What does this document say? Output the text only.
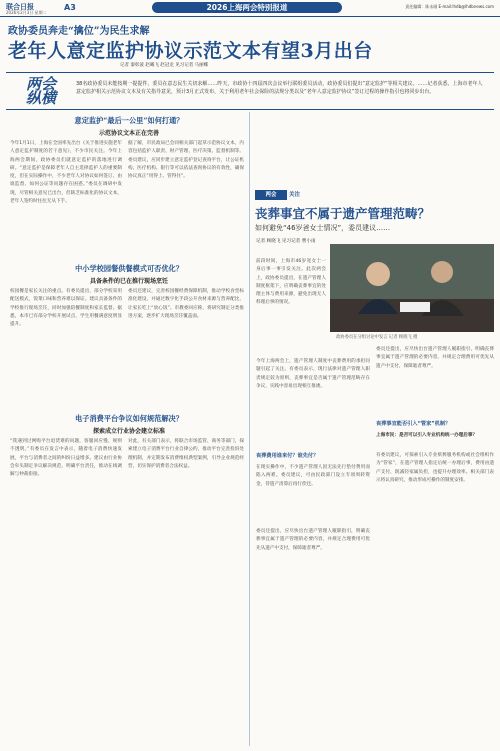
联合日报
2026年2月3日 星期二
A3	2026上海两会特别报道	责任编辑：陈永刚 E-mail:lhdb@lhdbnews.com
政协委员奔走“擒位”为民生求解
老年人意定监护协议示范文本有望3月出台
记者 秦彰波 赵曦飞 赵冠龙 见习记者 马丽娜
两会纵横
38名政协委员未能按期一提提件，委员在意志民生关切求解……昨天，市政协十四届四次会议举行联组委员活动，政协委员们提出“意定监护”等相关建议。……记者获悉，上海市老年人意定监护相关示范协议文本及有关指导意见，预计3月正式发布，关于利用老年社会保险的法规分类以及“老年人意定监护协议”签订过程的操作指引也将同步出台。
意定监护“最后一公里”如何打通？
示范协议文本正在完善
今年1月1日，上海在全国率先出台《关于推进实施老年人意定监护制度的若干意见》，不少市民关注。今年上海两会期间，政协委员们就意定监护的落地进行调研。“意定监护是保障老年人自主选择监护人的重要制度，但在实际操作中，不少老年人对协议如何签订、由谁监督、如何公证等问题存在困惑。”委员在调研中发现，尽管相关意见已出台，但缺乏标准化的协议文本，老年人签约时往往无从下手。
据了解，市民政局已会同相关部门起草示范协议文本，内容包括监护人职责、财产管理、医疗决策、监督机制等。委员建议，应同步建立意定监护登记查询平台，让公证机构、医疗机构、银行等可以依法查询协议的有效性，确保协议真正“用得上、管得住”。
中小学校园餐供餐模式可否优化？
具备条件的已在推行现场烹饪
校园餐是家长关注的重点。有委员提出，部分学校采用配送模式，饭菜口味和营养难以保证。建议具备条件的学校推行现场烹饪，同时加强陪餐制度和家长监督。据悉，本市已有部分学校开展试点，学生用餐满意度明显提升。
委员还建议，完善校园餐经费保障机制，推动学校食堂标准化建设，并通过数字化手段公开食材来源与营养配比，让家长吃上“放心饭”。市教委回应称，将研究制定分类推进方案，逐步扩大现场烹饪覆盖面。
电子消费平台争议如何规范解决？
探索成立行业协会建立标准
“我遇到过网购平台退货难的问题，客服回应慢、规则不透明。”有委员在发言中表示，随着电子消费快速发展，平台与消费者之间的纠纷日益增多。建议由行业协会牵头制定争议解决规范，明确平台责任，推动在线调解与仲裁衔接。
对此，有关部门表示，将联合市场监管、商务等部门，探索建立电子消费平台行业自律公约，推动平台完善投诉处理机制，并定期发布消费维权典型案例，引导企业规范经营，切实保护消费者合法权益。
两会	关注
丧葬事宜不属于遗产管理范畴？
如何避免“46岁爸女士情况”，委员建议……
记者 顾晓飞 见习记者 曹小雨
前段时间，上海市46岁宽女士一身后事一事引发关注。此次两会上，政协委员提出，在遗产管理人制度框架下，应明确丧葬事宜的处理主体与费用来源，避免出现无人料理后事的情况。
政协委员在分组讨论中发言 记者 顾晓飞 摄
今年上海两会上，遗产管理人制度中丧葬费用的承担问题引起了关注。有委员表示，现行法律对遗产管理人职责规定较为原则，丧葬事宜是否属于遗产管理范畴存在争议，实践中容易出现相互推诿。
丧葬费用谁来付？谁先付？
在现实操作中，不少遗产管理人因无法先行垫付费用而陷入两难。委员建议，可由民政部门设立专项周转资金，待遗产清算后再行偿还。
委员还提出，应尽快出台遗产管理人履职指引，明确丧葬事宜属于遗产管理的必要内容，并规定合理费用可优先从遗产中支付，保障逝者尊严。
委员还提出，应尽快出台遗产管理人履职指引，明确丧葬事宜属于遗产管理的必要内容，并规定合理费用可优先从遗产中支付，保障逝者尊严。
丧葬事宜能否引入“管家”机制？
上海市民：是否可以引入专业机构统一办理后事？
有委员建议，可探索引入专业殡葬服务机构或社会组织作为“管家”，在遗产管理人指定后统一办理后事，费用由遗产支付，既减轻家属负担，也提升办理效率。相关部门表示将认真研究，推动形成可操作的制度安排。
